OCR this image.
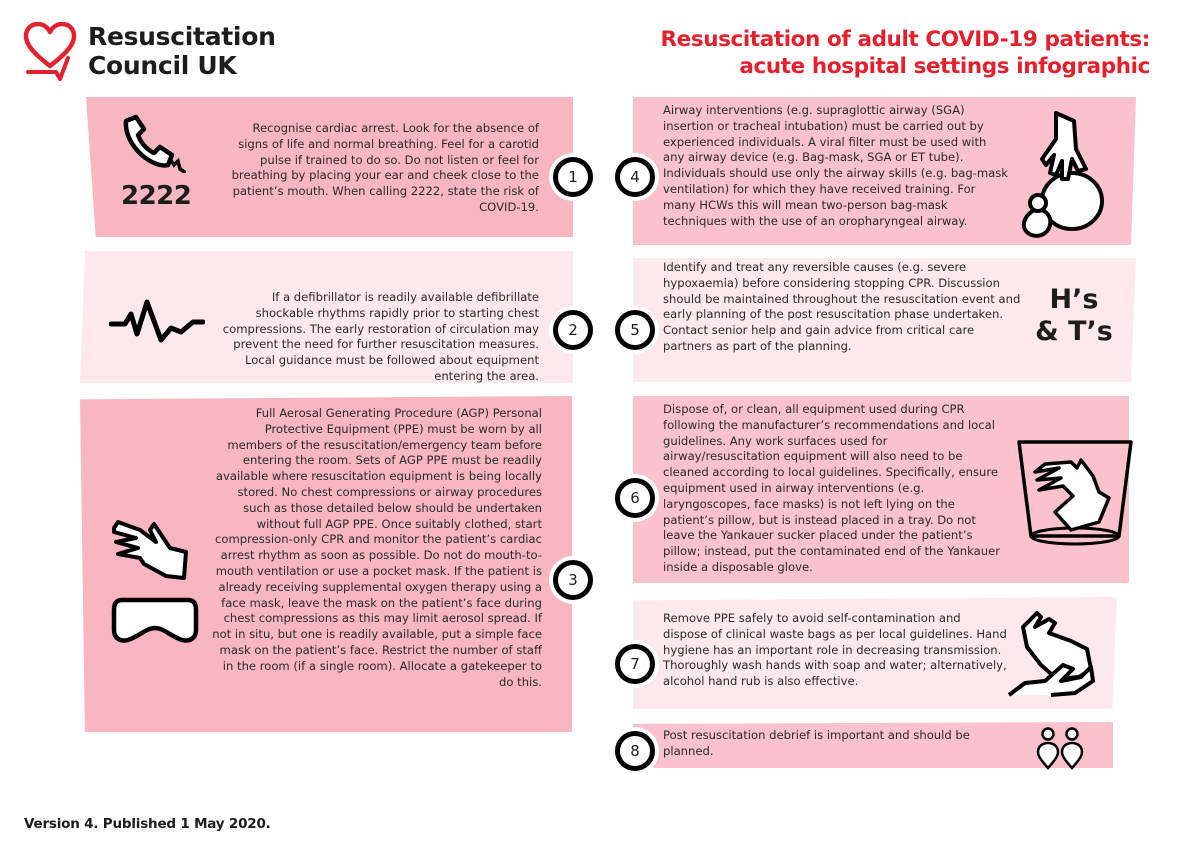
Resuscitation
Council UK
Resuscitation of adult COVID-19 patients:
acute hospital settings infographic
2222
Recognise cardiac arrest. Look for the absence of signs of life and normal breathing. Feel for a carotid pulse if trained to do so. Do not listen or feel for breathing by placing your ear and cheek close to the patient’s mouth. When calling 2222, state the risk of COVID-19.
1
If a defibrillator is readily available defibrillate shockable rhythms rapidly prior to starting chest compressions. The early restoration of circulation may prevent the need for further resuscitation measures. Local guidance must be followed about equipment entering the area.
2
Full Aerosal Generating Procedure (AGP) Personal Protective Equipment (PPE) must be worn by all members of the resuscitation/emergency team before entering the room. Sets of AGP PPE must be readily available where resuscitation equipment is being locally stored. No chest compressions or airway procedures such as those detailed below should be undertaken without full AGP PPE. Once suitably clothed, start compression-only CPR and monitor the patient’s cardiac arrest rhythm as soon as possible. Do not do mouth-to-mouth ventilation or use a pocket mask. If the patient is already receiving supplemental oxygen therapy using a face mask, leave the mask on the patient’s face during chest compressions as this may limit aerosol spread. If not in situ, but one is readily available, put a simple face mask on the patient’s face. Restrict the number of staff in the room (if a single room). Allocate a gatekeeper to do this.
3
Airway interventions (e.g. supraglottic airway (SGA) insertion or tracheal intubation) must be carried out by experienced individuals. A viral filter must be used with any airway device (e.g. Bag-mask, SGA or ET tube). Individuals should use only the airway skills (e.g. bag-mask ventilation) for which they have received training. For many HCWs this will mean two-person bag-mask techniques with the use of an oropharyngeal airway.
4
Identify and treat any reversible causes (e.g. severe hypoxaemia) before considering stopping CPR. Discussion should be maintained throughout the resuscitation event and early planning of the post resuscitation phase undertaken. Contact senior help and gain advice from critical care partners as part of the planning.
H’s
& T’s
5
Dispose of, or clean, all equipment used during CPR following the manufacturer’s recommendations and local guidelines. Any work surfaces used for airway/resuscitation equipment will also need to be cleaned according to local guidelines. Specifically, ensure equipment used in airway interventions (e.g. laryngoscopes, face masks) is not left lying on the patient’s pillow, but is instead placed in a tray. Do not leave the Yankauer sucker placed under the patient’s pillow; instead, put the contaminated end of the Yankauer inside a disposable glove.
6
Remove PPE safely to avoid self-contamination and dispose of clinical waste bags as per local guidelines. Hand hygiene has an important role in decreasing transmission. Thoroughly wash hands with soap and water; alternatively, alcohol hand rub is also effective.
7
Post resuscitation debrief is important and should be planned.
8
Version 4. Published 1 May 2020.
